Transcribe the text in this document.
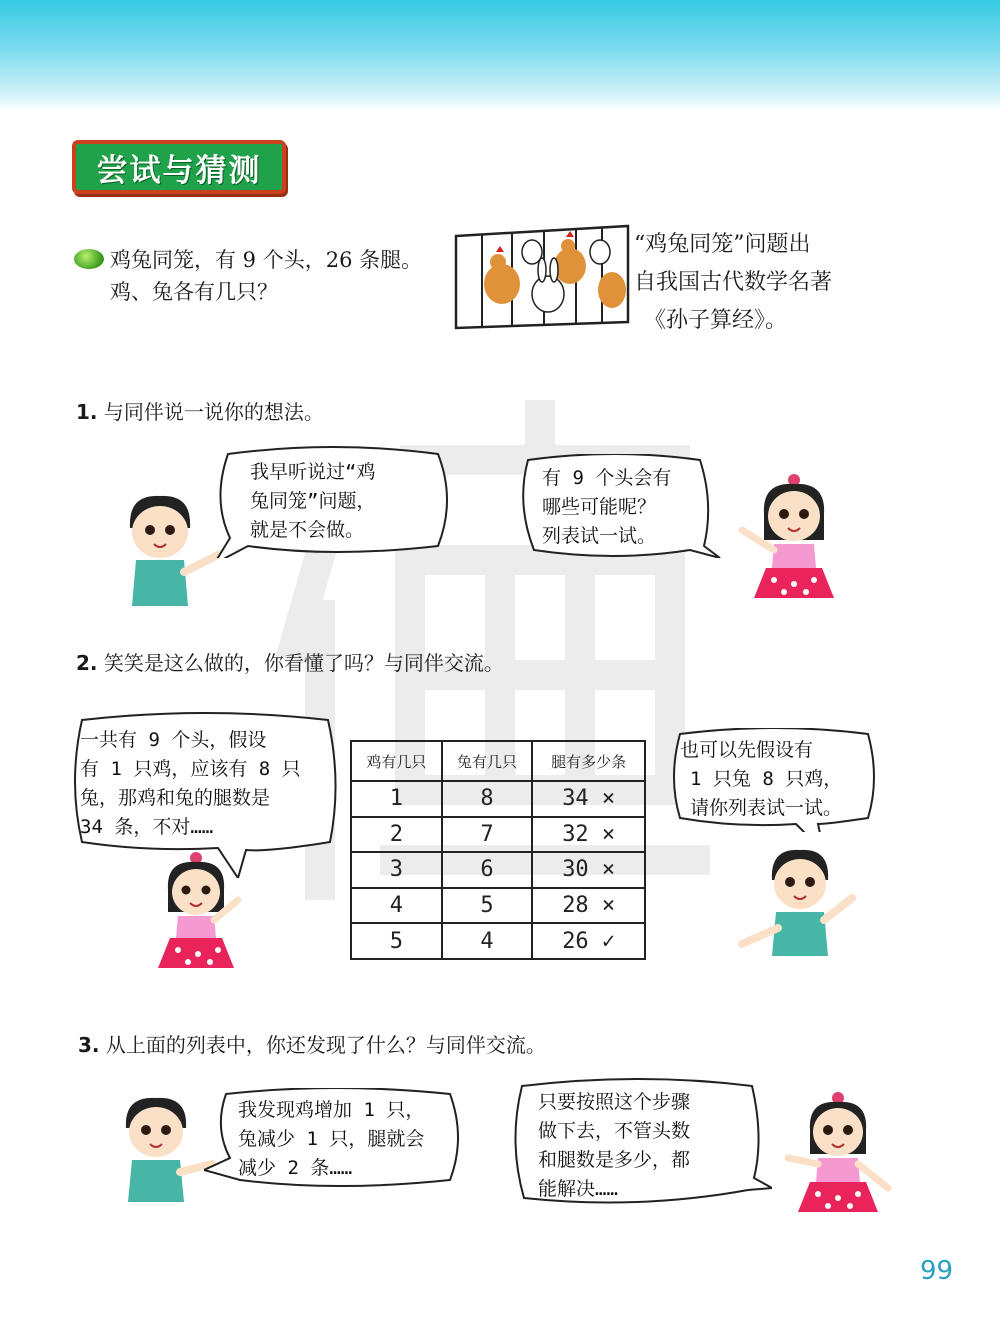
尝试与猜测
鸡兔同笼，有 9 个头，26 条腿。
鸡、兔各有几只？
“鸡兔同笼”问题出
自我国古代数学名著
《孙子算经》。
1. 与同伴说一说你的想法。
我早听说过“鸡
兔同笼”问题，
就是不会做。
有 9 个头会有
哪些可能呢？
列表试一试。
2. 笑笑是这么做的，你看懂了吗？与同伴交流。
一共有 9 个头，假设
有 1 只鸡，应该有 8 只
兔，那鸡和兔的腿数是
34 条，不对……
鸡有几只	兔有几只	腿有多少条
1	8	34 ×
2	7	32 ×
3	6	30 ×
4	5	28 ×
5	4	26 ✓
也可以先假设有
1 只兔 8 只鸡，
请你列表试一试。
3. 从上面的列表中，你还发现了什么？与同伴交流。
我发现鸡增加 1 只，
兔减少 1 只，腿就会
减少 2 条……
只要按照这个步骤
做下去，不管头数
和腿数是多少，都
能解决……
99
